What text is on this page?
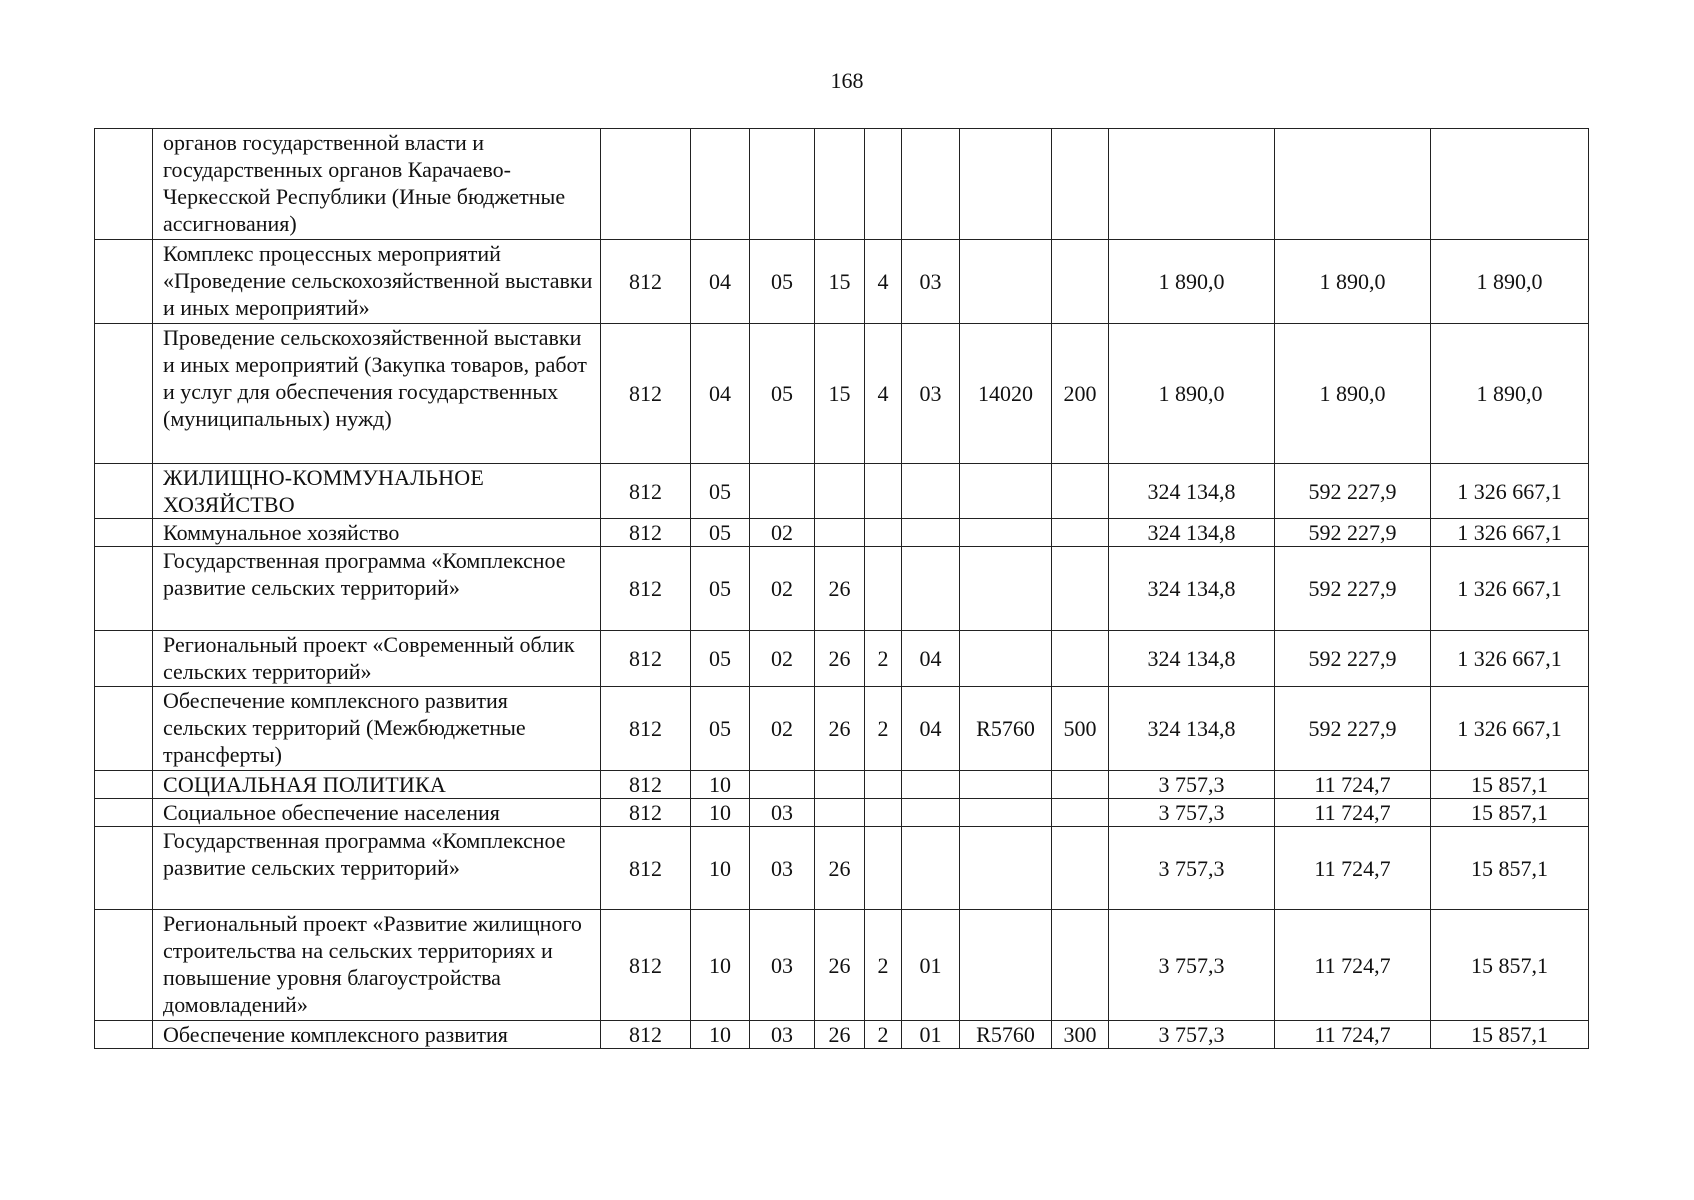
168
	органов государственной власти и государственных органов Карачаево-Черкесской Республики (Иные бюджетные ассигнования)											
	Комплекс процессных мероприятий «Проведение сельскохозяйственной выставки и иных мероприятий»	812	04	05	15	4	03			1 890,0	1 890,0	1 890,0
	Проведение сельскохозяйственной выставки и иных мероприятий (Закупка товаров, работ и услуг для обеспечения государственных (муниципальных) нужд)	812	04	05	15	4	03	14020	200	1 890,0	1 890,0	1 890,0
	ЖИЛИЩНО-КОММУНАЛЬНОЕ ХОЗЯЙСТВО	812	05							324 134,8	592 227,9	1 326 667,1
	Коммунальное хозяйство	812	05	02						324 134,8	592 227,9	1 326 667,1
	Государственная программа «Комплексное развитие сельских территорий»	812	05	02	26					324 134,8	592 227,9	1 326 667,1
	Региональный проект «Современный облик сельских территорий»	812	05	02	26	2	04			324 134,8	592 227,9	1 326 667,1
	Обеспечение комплексного развития сельских территорий (Межбюджетные трансферты)	812	05	02	26	2	04	R5760	500	324 134,8	592 227,9	1 326 667,1
	СОЦИАЛЬНАЯ ПОЛИТИКА	812	10							3 757,3	11 724,7	15 857,1
	Социальное обеспечение населения	812	10	03						3 757,3	11 724,7	15 857,1
	Государственная программа «Комплексное развитие сельских территорий»	812	10	03	26					3 757,3	11 724,7	15 857,1
	Региональный проект «Развитие жилищного строительства на сельских территориях и повышение уровня благоустройства домовладений»	812	10	03	26	2	01			3 757,3	11 724,7	15 857,1
	Обеспечение комплексного развития	812	10	03	26	2	01	R5760	300	3 757,3	11 724,7	15 857,1
